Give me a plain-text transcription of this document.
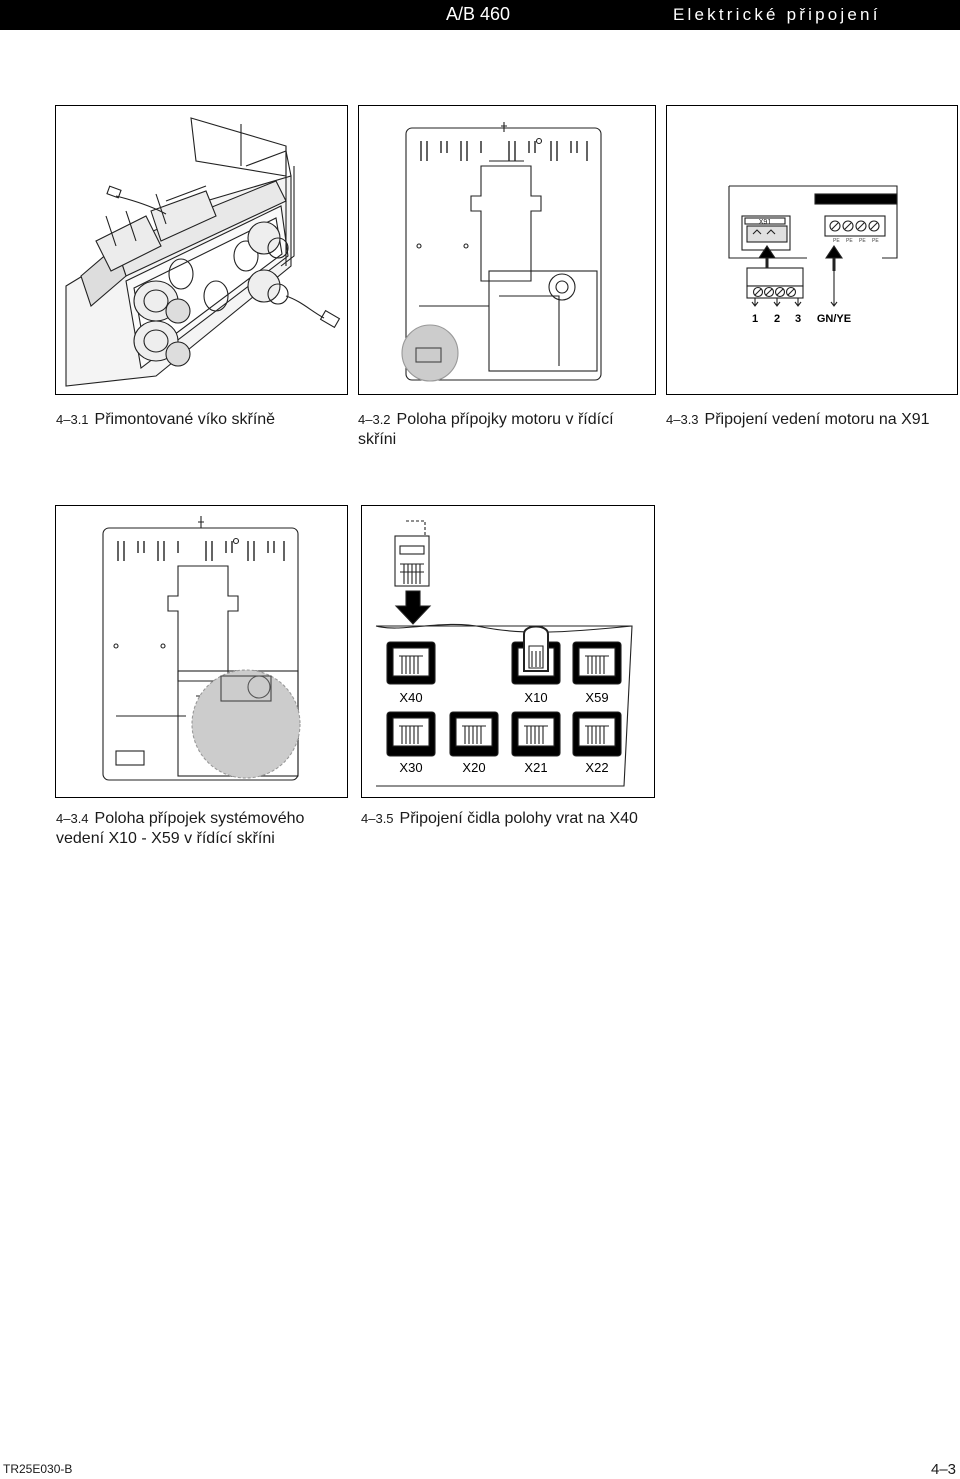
A/B 460	Elektrické připojení
X91
PE PE PE PE
1 2 3 GN/YE
4–3.1 Přimontované víko skříně	4–3.2 Poloha přípojky motoru v řídící skříni
4–3.3 Připojení vedení motoru na X91
X40	X10	X59
X30	X20	X21	X22
4–3.4 Poloha přípojek systémového vedení X10 - X59 v řídící skříni
4–3.5 Připojení čidla polohy vrat na X40
TR25E030-B	4–3
